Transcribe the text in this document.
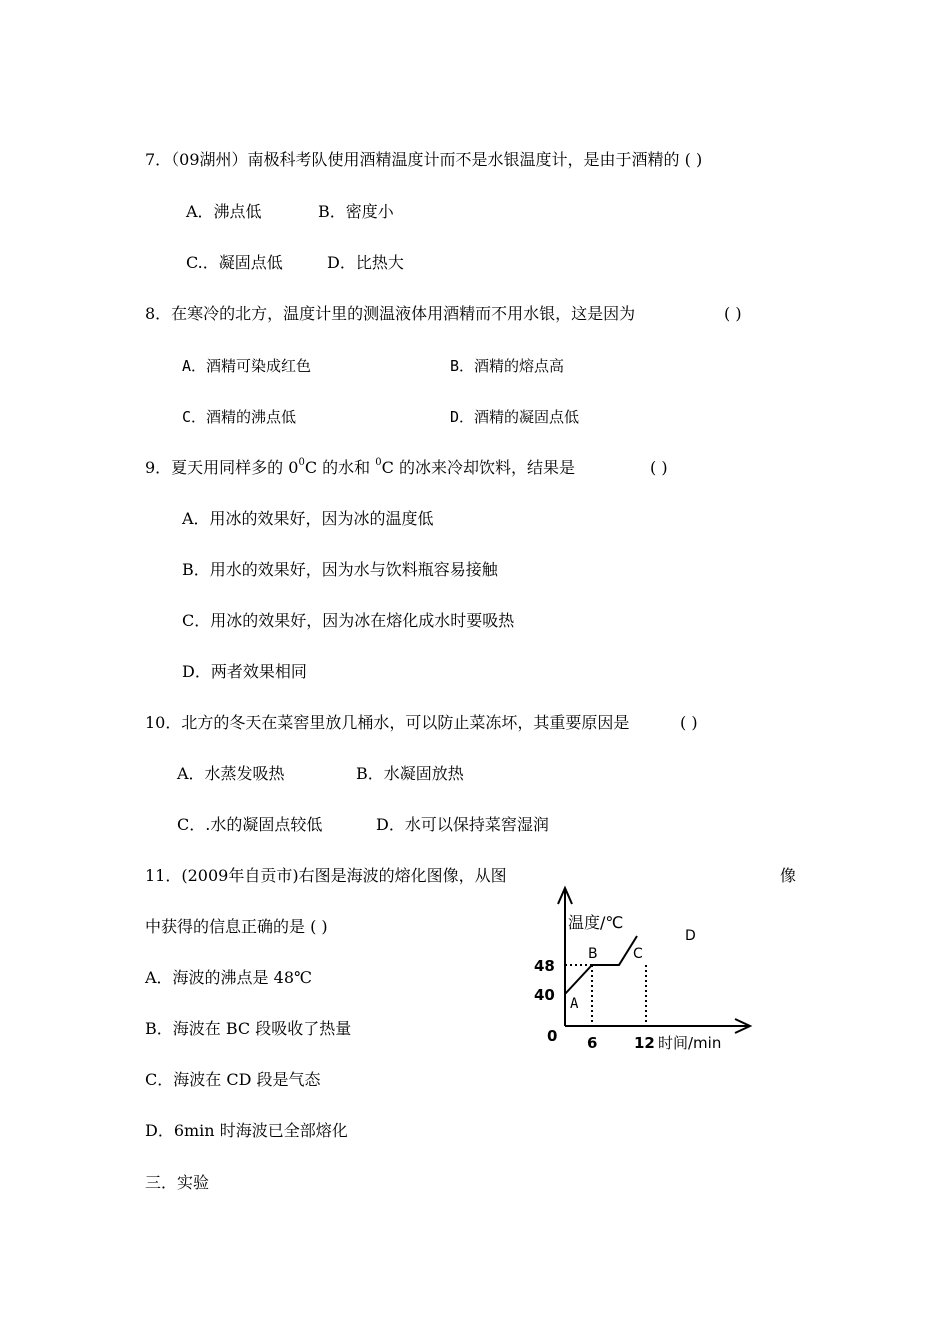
7．（09湖州）南极科考队使用酒精温度计而不是水银温度计，是由于酒精的 ( )
A．沸点低	B．密度小
C.．凝固点低	D．比热大
8．在寒冷的北方，温度计里的测温液体用酒精而不用水银，这是因为	( )
A．酒精可染成红色	B．酒精的熔点高
C．酒精的沸点低	D．酒精的凝固点低
9．夏天用同样多的 $0^0C$ 的水和 $^0$C 的冰来冷却饮料，结果是	( )
A．用冰的效果好，因为冰的温度低
B．用水的效果好，因为水与饮料瓶容易接触
C．用冰的效果好，因为冰在熔化成水时要吸热
D．两者效果相同
10．北方的冬天在菜窖里放几桶水，可以防止菜冻坏，其重要原因是	( )
A．水蒸发吸热	B．水凝固放热
C．.水的凝固点较低	D．水可以保持菜窖湿润
11．(2009年自贡市)右图是海波的熔化图像，从图	像
中获得的信息正确的是 ( )
A．海波的沸点是 48℃
B．海波在 BC 段吸收了热量
C．海波在 CD 段是气态
D．6min 时海波已全部熔化
三．实验
温度/℃
48
40
0 6 12 时间/min
A
B	C
D
